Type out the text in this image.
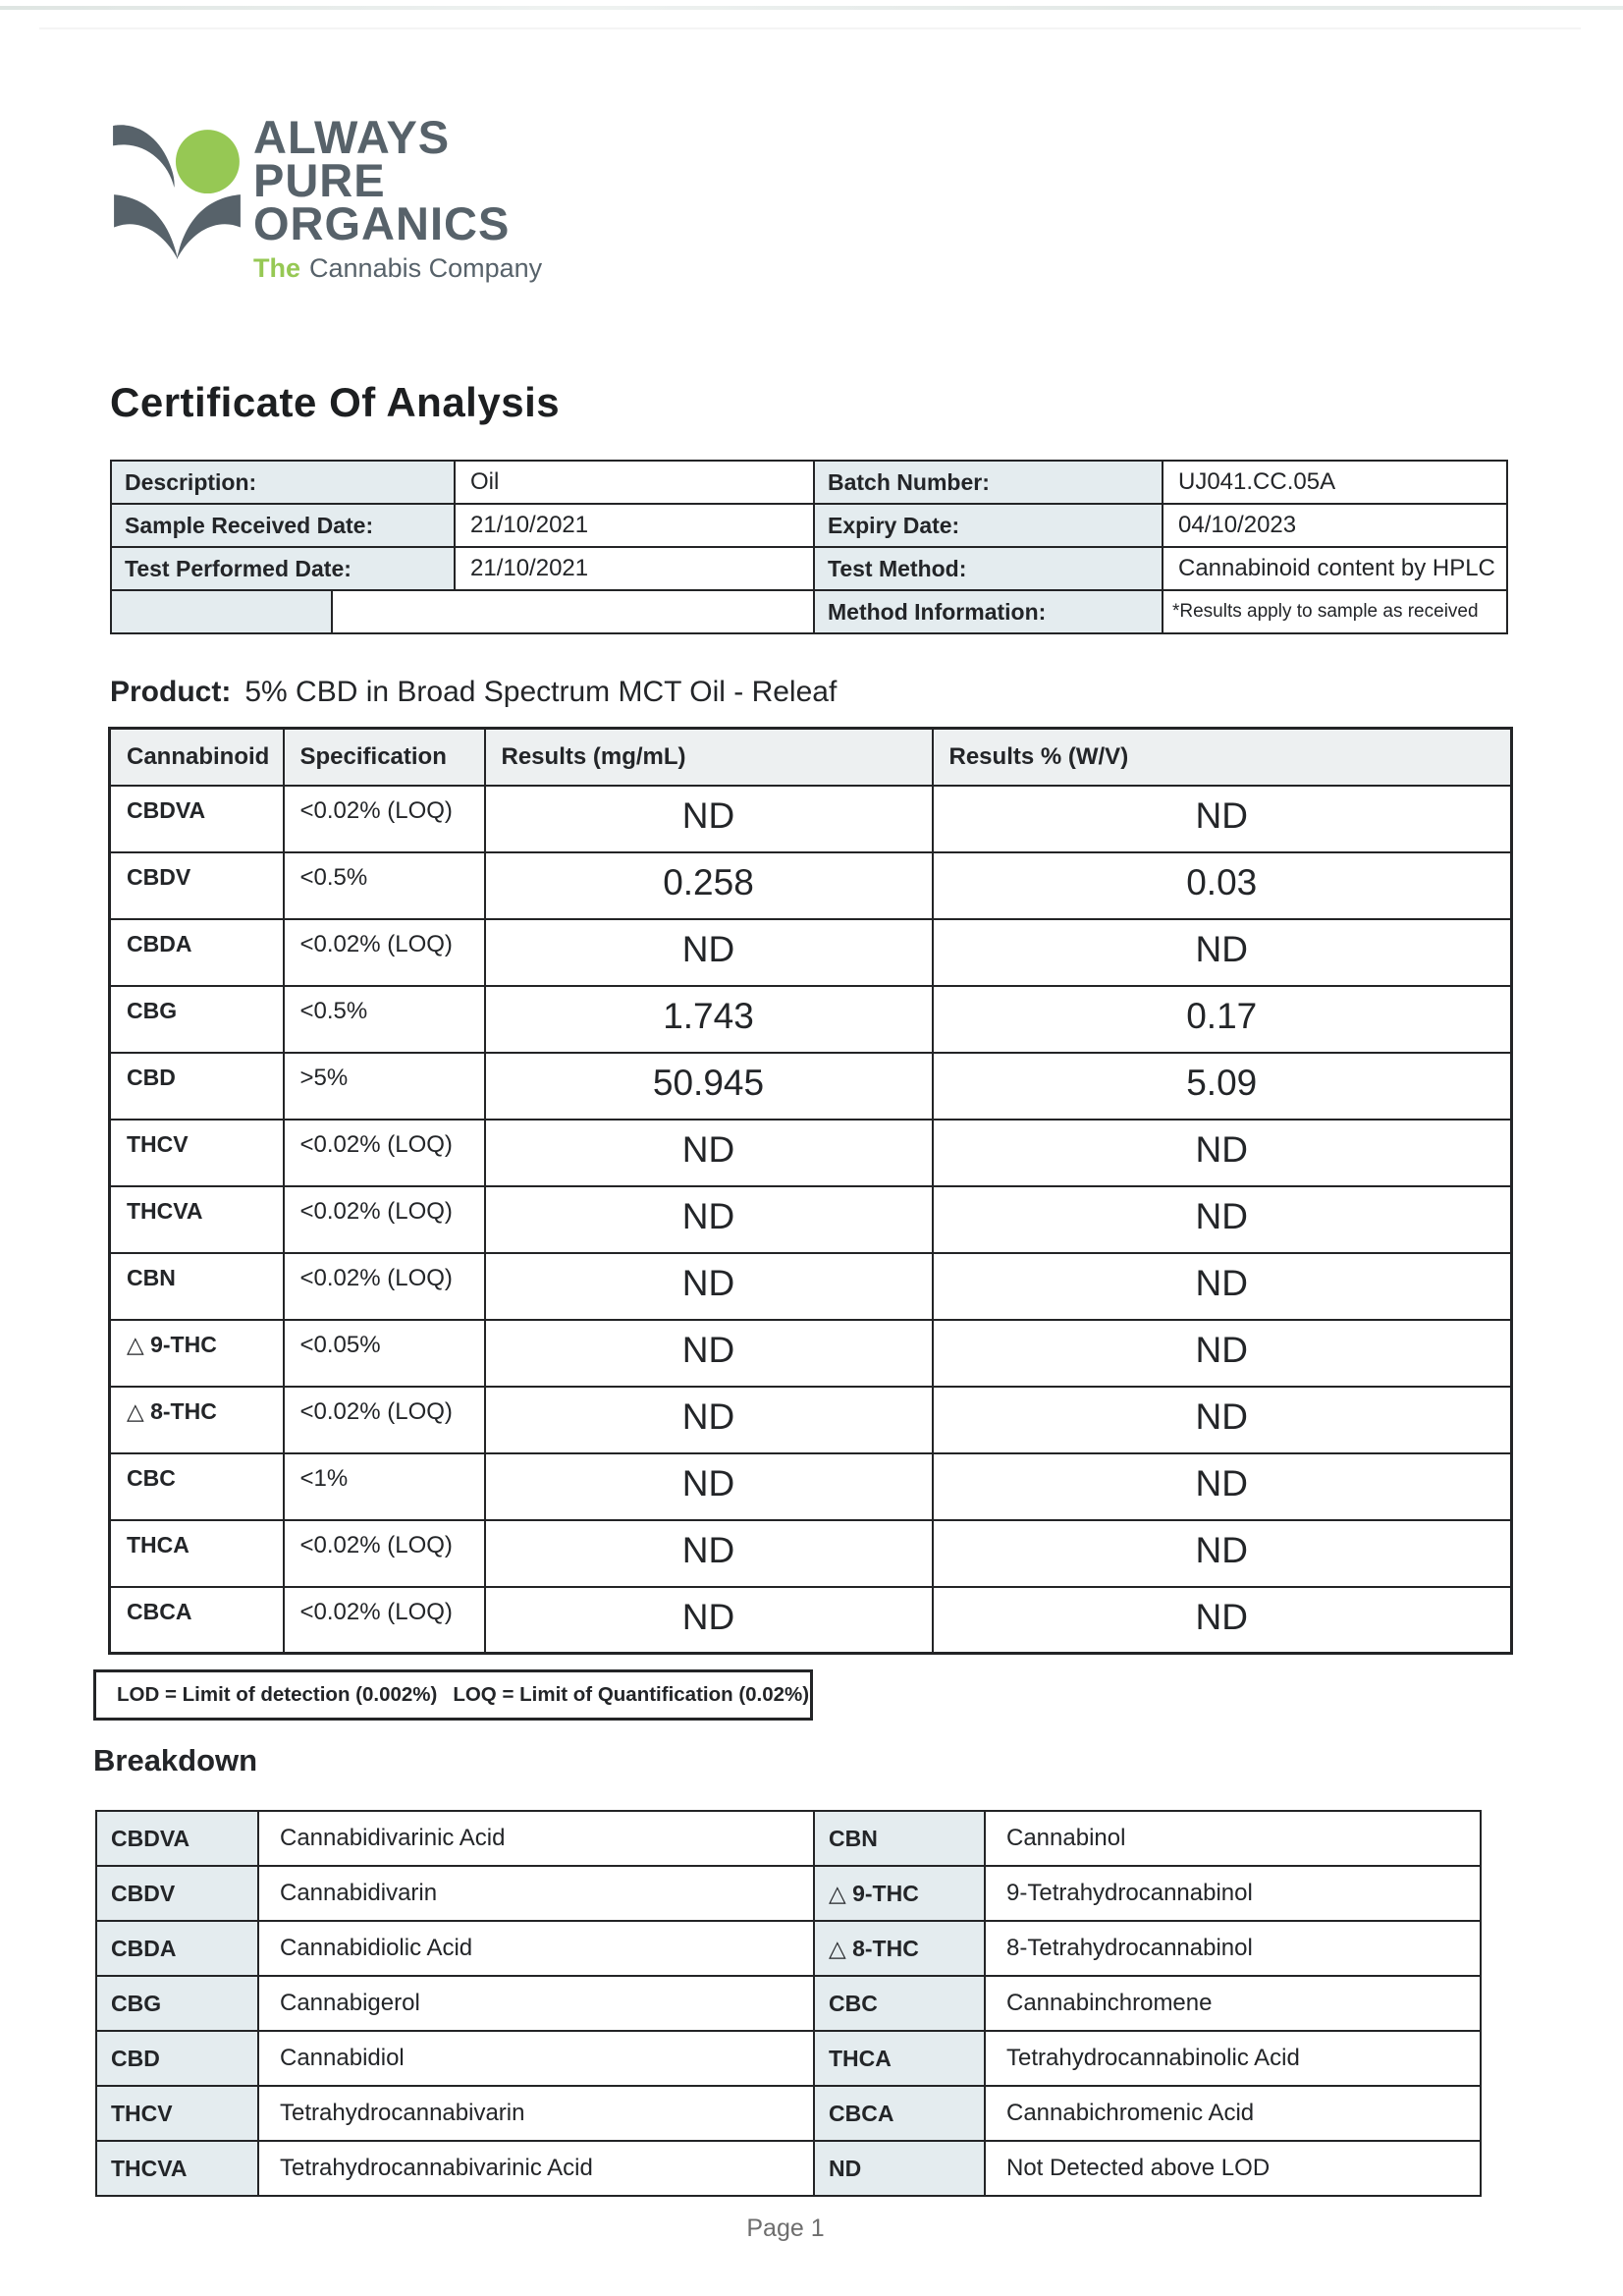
ALWAYS
PURE
ORGANICS
The Cannabis Company
Certificate Of Analysis
Description:	Oil
Sample Received Date:	21/10/2021
Test Performed Date:	21/10/2021
Batch Number:	UJ041.CC.05A
Expiry Date:	04/10/2023
Test Method:	Cannabinoid content by HPLC
Method Information:	*Results apply to sample as received
Product: 5% CBD in Broad Spectrum MCT Oil - Releaf
Cannabinoid	Specification	Results (mg/mL)	Results % (W/V)
CBDVA	<0.02% (LOQ)	ND	ND
CBDV	<0.5%	0.258	0.03
CBDA	<0.02% (LOQ)	ND	ND
CBG	<0.5%	1.743	0.17
CBD	>5%	50.945	5.09
THCV	<0.02% (LOQ)	ND	ND
THCVA	<0.02% (LOQ)	ND	ND
CBN	<0.02% (LOQ)	ND	ND
△ 9-THC	<0.05%	ND	ND
△ 8-THC	<0.02% (LOQ)	ND	ND
CBC	<1%	ND	ND
THCA	<0.02% (LOQ)	ND	ND
CBCA	<0.02% (LOQ)	ND	ND
LOD = Limit of detection (0.002%) LOQ = Limit of Quantification (0.02%)
Breakdown
CBDVA	Cannabidivarinic Acid	CBN	Cannabinol
CBDV	Cannabidivarin	△ 9-THC	9-Tetrahydrocannabinol
CBDA	Cannabidiolic Acid	△ 8-THC	8-Tetrahydrocannabinol
CBG	Cannabigerol	CBC	Cannabinchromene
CBD	Cannabidiol	THCA	Tetrahydrocannabinolic Acid
THCV	Tetrahydrocannabivarin	CBCA	Cannabichromenic Acid
THCVA	Tetrahydrocannabivarinic Acid	ND	Not Detected above LOD
Page 1
